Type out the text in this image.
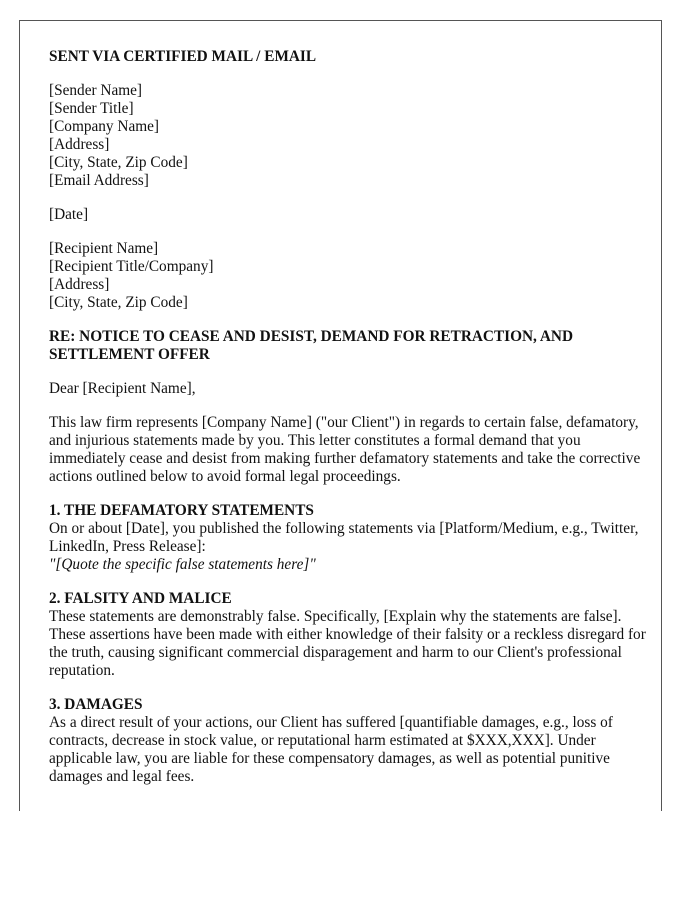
SENT VIA CERTIFIED MAIL / EMAIL
[Sender Name]
[Sender Title]
[Company Name]
[Address]
[City, State, Zip Code]
[Email Address]
[Date]
[Recipient Name]
[Recipient Title/Company]
[Address]
[City, State, Zip Code]
RE: NOTICE TO CEASE AND DESIST, DEMAND FOR RETRACTION, AND
SETTLEMENT OFFER
Dear [Recipient Name],

This law firm represents [Company Name] ("our Client") in regards to certain false, defamatory, and injurious statements made by you. This letter constitutes a formal demand that you immediately cease and desist from making further defamatory statements and take the corrective actions outlined below to avoid formal legal proceedings.

1. THE DEFAMATORY STATEMENTS

On or about [Date], you published the following statements via [Platform/Medium, e.g., Twitter, LinkedIn, Press Release]:

"[Quote the specific false statements here]"
2. FALSITY AND MALICE

These statements are demonstrably false. Specifically, [Explain why the statements are false]. These assertions have been made with either knowledge of their falsity or a reckless disregard for the truth, causing significant commercial disparagement and harm to our Client's professional reputation.

3. DAMAGES

As a direct result of your actions, our Client has suffered [quantifiable damages, e.g., loss of contracts, decrease in stock value, or reputational harm estimated at $XXX,XXX]. Under applicable law, you are liable for these compensatory damages, as well as potential punitive damages and legal fees.
